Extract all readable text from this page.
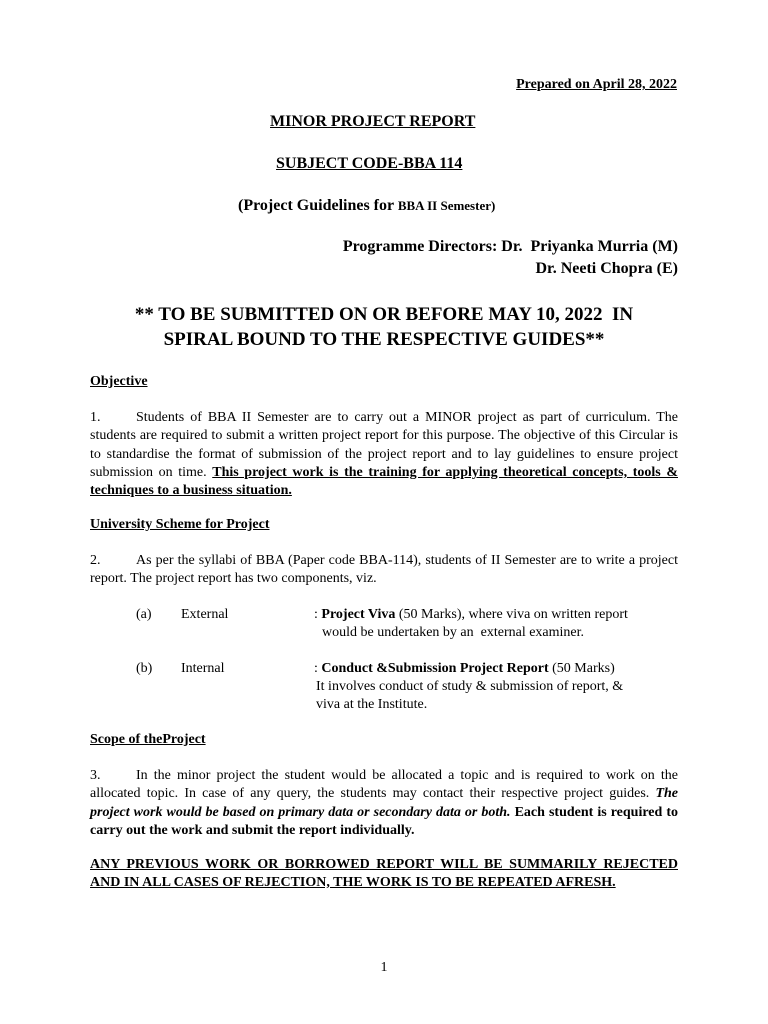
Prepared on April 28, 2022
MINOR PROJECT REPORT
SUBJECT CODE-BBA 114
(Project Guidelines for BBA II Semester)
Programme Directors: Dr.  Priyanka Murria (M)
Dr. Neeti Chopra (E)
** TO BE SUBMITTED ON OR BEFORE MAY 10, 2022  IN
SPIRAL BOUND TO THE RESPECTIVE GUIDES**
Objective
1.	Students of BBA II Semester are to carry out a MINOR project as part of curriculum. The students are required to submit a written project report for this purpose. The objective of this Circular is to standardise the format of submission of the project report and to lay guidelines to ensure project submission on time. This project work is the training for applying theoretical concepts, tools & techniques to a business situation.
University Scheme for Project
2.	As per the syllabi of BBA (Paper code BBA-114), students of II Semester are to write a project report. The project report has two components, viz.
(a) External	: Project Viva (50 Marks), where viva on written report
would be undertaken by an  external examiner.
(b) Internal	: Conduct &Submission Project Report (50 Marks)
It involves conduct of study & submission of report, &
viva at the Institute.
Scope of theProject
3.	In the minor project the student would be allocated a topic and is required to work on the allocated topic. In case of any query, the students may contact their respective project guides. The project work would be based on primary data or secondary data or both. Each student is required to carry out the work and submit the report individually.
ANY PREVIOUS WORK OR BORROWED REPORT WILL BE SUMMARILY REJECTED AND IN ALL CASES OF REJECTION, THE WORK IS TO BE REPEATED AFRESH.
1
